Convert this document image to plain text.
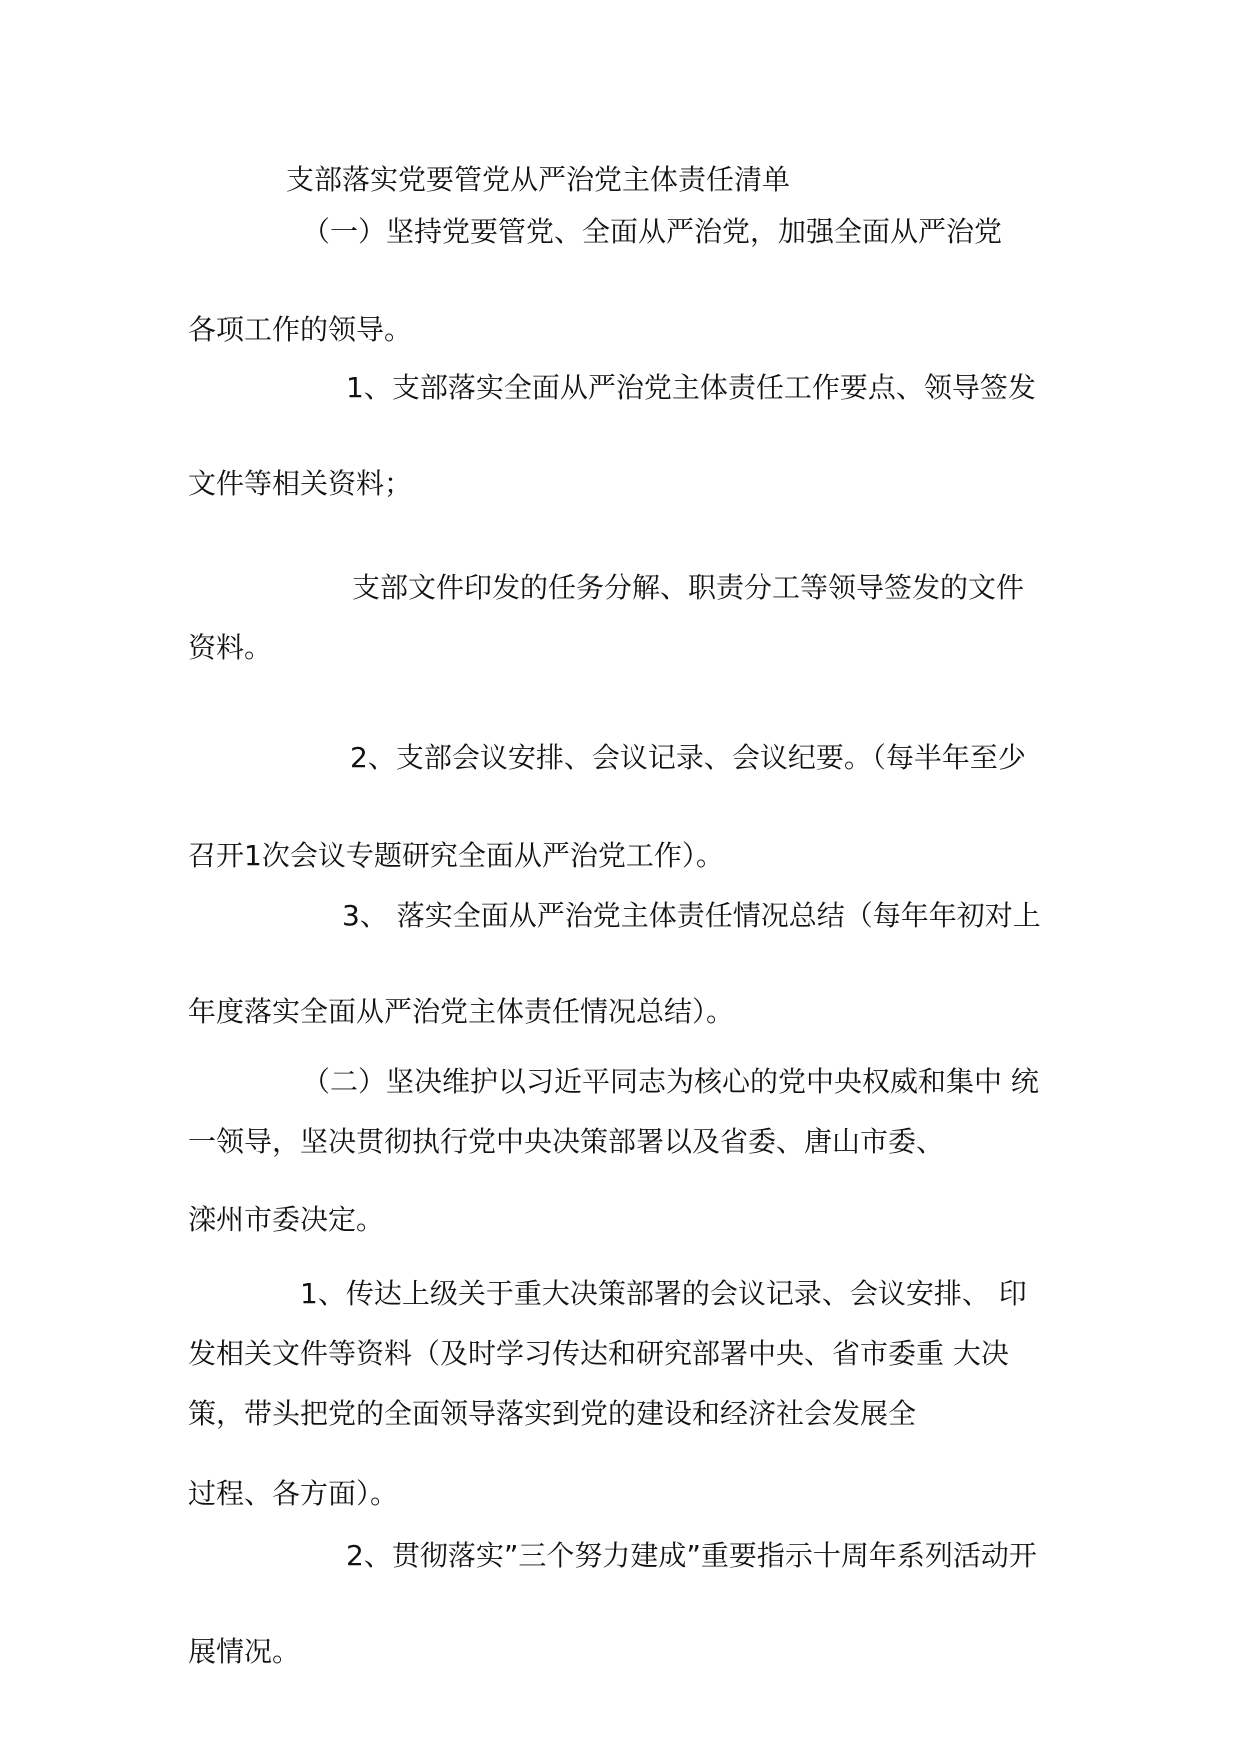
支部落实党要管党从严治党主体责任清单
（一）坚持党要管党、全面从严治党，加强全面从严治党
各项工作的领导。
1、支部落实全面从严治党主体责任工作要点、领导签发
文件等相关资料；
支部文件印发的任务分解、职责分工等领导签发的文件
资料。
2、支部会议安排、会议记录、会议纪要。（每半年至少
召开1次会议专题研究全面从严治党工作）。
3、 落实全面从严治党主体责任情况总结（每年年初对上
年度落实全面从严治党主体责任情况总结）。
（二）坚决维护以习近平同志为核心的党中央权威和集中 统
一领导，坚决贯彻执行党中央决策部署以及省委、唐山市委、
滦州市委决定。
1、传达上级关于重大决策部署的会议记录、会议安排、 印
发相关文件等资料（及时学习传达和研究部署中央、省市委重 大决
策，带头把党的全面领导落实到党的建设和经济社会发展全
过程、各方面）。
2、贯彻落实”三个努力建成”重要指示十周年系列活动开
展情况。
